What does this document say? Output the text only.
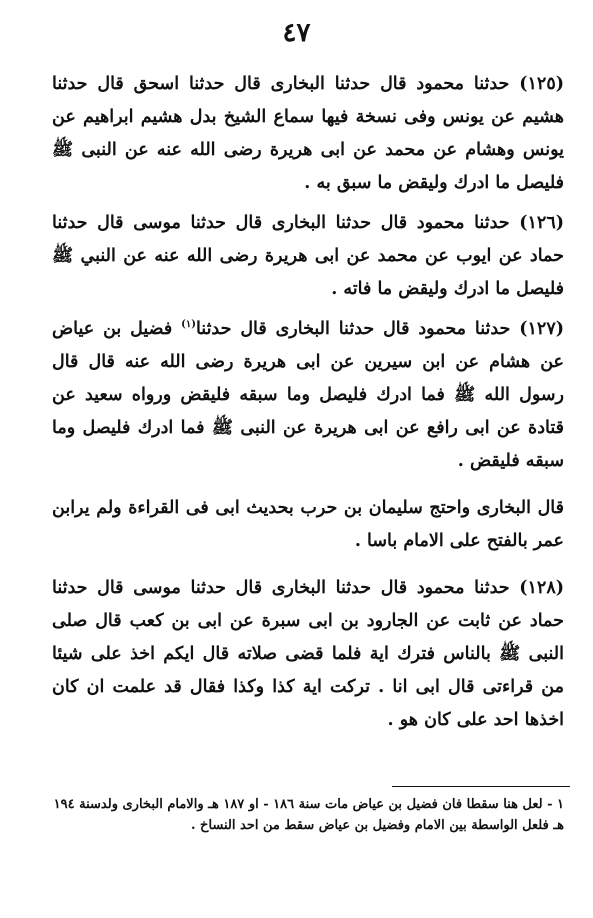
٤٧

(١٢٥) حدثنا محمود قال حدثنا البخارى قال حدثنا اسحق قال حدثنا هشيم عن يونس وفى نسخة فيها سماع الشيخ بدل هشيم ابراهيم عن يونس وهشام عن محمد عن ابى هريرة رضى الله عنه عن النبى ﷺ فليصل ما ادرك وليقض ما سبق به .

(١٢٦) حدثنا محمود قال حدثنا البخارى قال حدثنا موسى قال حدثنا حماد عن ايوب عن محمد عن ابى هريرة رضى الله عنه عن النبي ﷺ فليصل ما ادرك وليقض ما فاته .

(١٢٧) حدثنا محمود قال حدثنا البخارى قال حدثنا$^{(١)}$ فضيل بن عياض عن هشام عن ابن سيرين عن ابى هريرة رضى الله عنه قال قال رسول الله ﷺ فما ادرك فليصل وما سبقه فليقض ورواه سعيد عن قتادة عن ابى رافع عن ابى هريرة عن النبى ﷺ فما ادرك فليصل وما سبقه فليقض .

قال البخارى واحتج سليمان بن حرب بحديث ابى فى القراءة ولم يرابن عمر بالفتح على الامام باسا .

(١٢٨) حدثنا محمود قال حدثنا البخارى قال حدثنا موسى قال حدثنا حماد عن ثابت عن الجارود بن ابى سبرة عن ابى بن كعب قال صلى النبى ﷺ بالناس فترك اية فلما قضى صلاته قال ايكم اخذ على شيئا من قراءتى قال ابى انا . تركت اية كذا وكذا فقال قد علمت ان كان اخذها احد على كان هو .

١ - لعل هنا سقطا فان فضيل بن عياض مات سنة ١٨٦ - او ١٨٧ هـ والامام البخارى ولدسنة ١٩٤ هـ فلعل الواسطة بين الامام وفضيل بن عياض سقط من احد النساخ .
